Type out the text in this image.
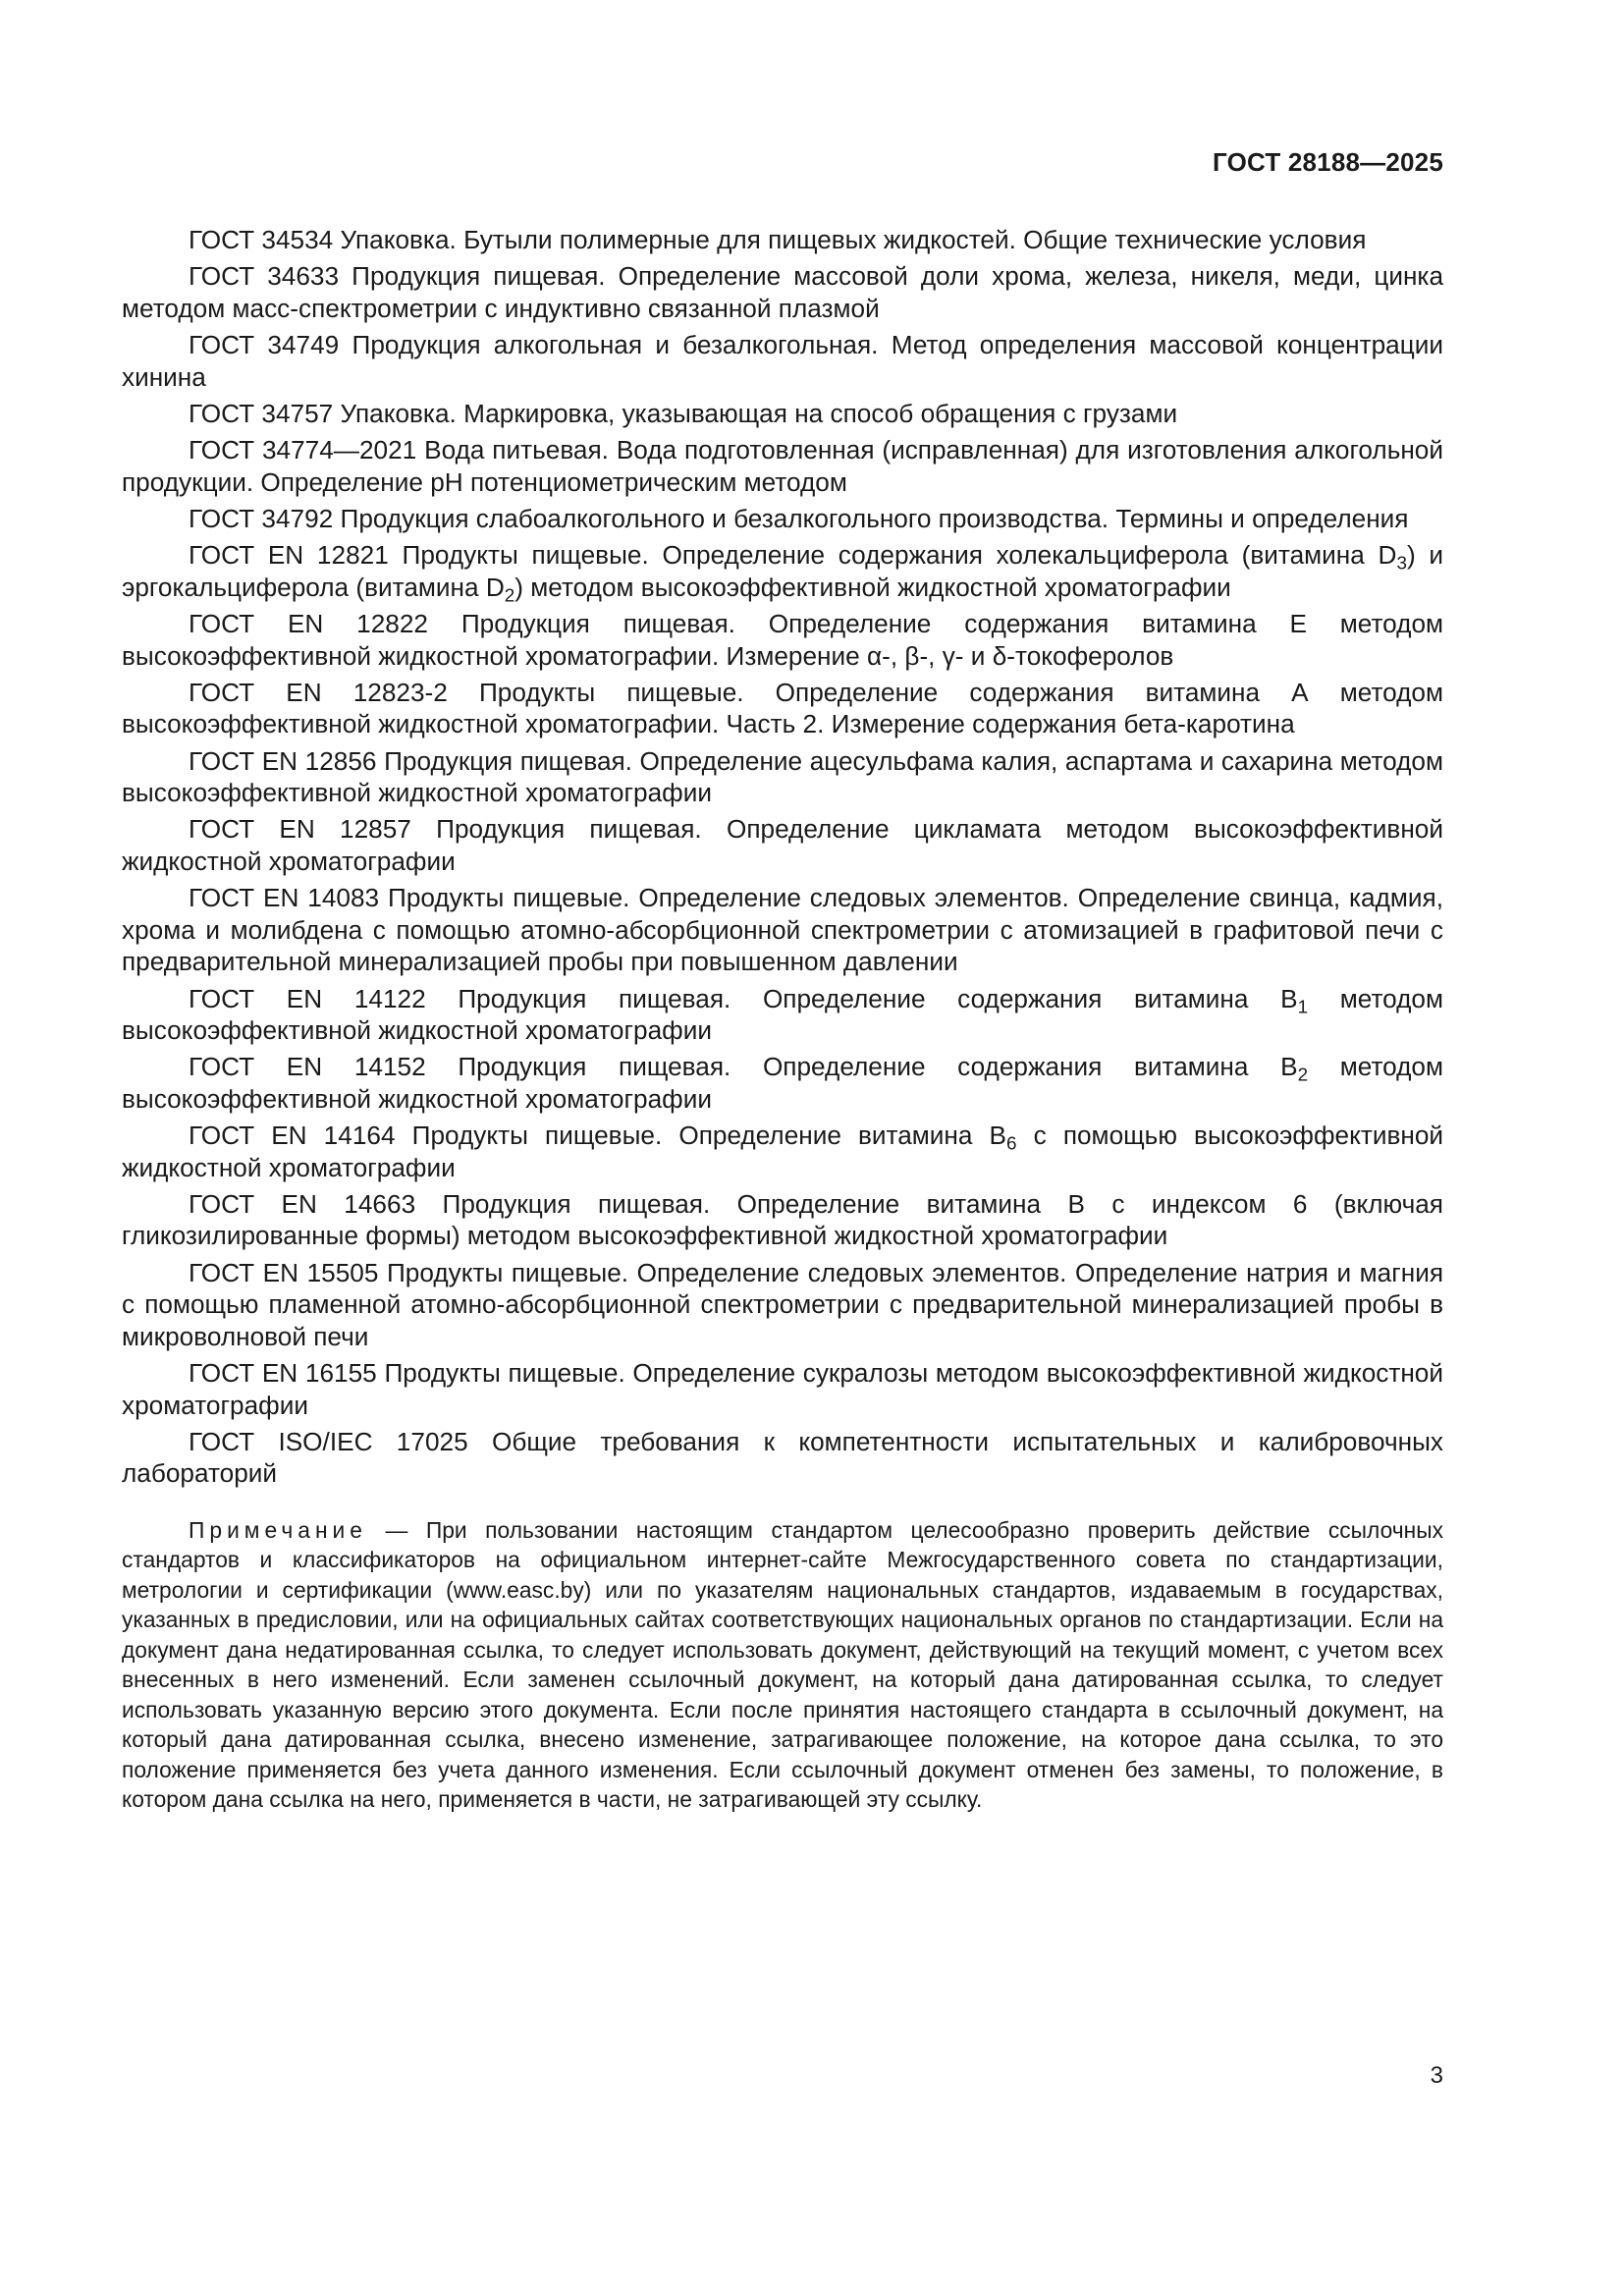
ГОСТ 28188—2025

ГОСТ 34534 Упаковка. Бутыли полимерные для пищевых жидкостей. Общие технические условия

ГОСТ 34633 Продукция пищевая. Определение массовой доли хрома, железа, никеля, меди, цинка методом масс-спектрометрии с индуктивно связанной плазмой

ГОСТ 34749 Продукция алкогольная и безалкогольная. Метод определения массовой концентрации хинина

ГОСТ 34757 Упаковка. Маркировка, указывающая на способ обращения с грузами

ГОСТ 34774—2021 Вода питьевая. Вода подготовленная (исправленная) для изготовления алкогольной продукции. Определение pH потенциометрическим методом

ГОСТ 34792 Продукция слабоалкогольного и безалкогольного производства. Термины и определения

ГОСТ EN 12821 Продукты пищевые. Определение содержания холекальциферола (витамина $D_3$) и эргокальциферола (витамина $D_2$) методом высокоэффективной жидкостной хроматографии

ГОСТ EN 12822 Продукция пищевая. Определение содержания витамина Е методом высокоэффективной жидкостной хроматографии. Измерение α-, β-, γ- и δ-токоферолов

ГОСТ EN 12823-2 Продукты пищевые. Определение содержания витамина А методом высокоэффективной жидкостной хроматографии. Часть 2. Измерение содержания бета-каротина

ГОСТ EN 12856 Продукция пищевая. Определение ацесульфама калия, аспартама и сахарина методом высокоэффективной жидкостной хроматографии

ГОСТ EN 12857 Продукция пищевая. Определение цикламата методом высокоэффективной жидкостной хроматографии

ГОСТ EN 14083 Продукты пищевые. Определение следовых элементов. Определение свинца, кадмия, хрома и молибдена с помощью атомно-абсорбционной спектрометрии с атомизацией в графитовой печи с предварительной минерализацией пробы при повышенном давлении

ГОСТ EN 14122 Продукция пищевая. Определение содержания витамина $В_1$ методом высокоэффективной жидкостной хроматографии

ГОСТ EN 14152 Продукция пищевая. Определение содержания витамина $В_2$ методом высокоэффективной жидкостной хроматографии

ГОСТ EN 14164 Продукты пищевые. Определение витамина $В_6$ с помощью высокоэффективной жидкостной хроматографии

ГОСТ EN 14663 Продукция пищевая. Определение витамина В с индексом 6 (включая гликозилированные формы) методом высокоэффективной жидкостной хроматографии

ГОСТ EN 15505 Продукты пищевые. Определение следовых элементов. Определение натрия и магния с помощью пламенной атомно-абсорбционной спектрометрии с предварительной минерализацией пробы в микроволновой печи

ГОСТ EN 16155 Продукты пищевые. Определение сукралозы методом высокоэффективной жидкостной хроматографии

ГОСТ ISO/IEC 17025 Общие требования к компетентности испытательных и калибровочных лабораторий

Примечание — При пользовании настоящим стандартом целесообразно проверить действие ссылочных стандартов и классификаторов на официальном интернет-сайте Межгосударственного совета по стандартизации, метрологии и сертификации (www.easc.by) или по указателям национальных стандартов, издаваемым в государствах, указанных в предисловии, или на официальных сайтах соответствующих национальных органов по стандартизации. Если на документ дана недатированная ссылка, то следует использовать документ, действующий на текущий момент, с учетом всех внесенных в него изменений. Если заменен ссылочный документ, на который дана датированная ссылка, то следует использовать указанную версию этого документа. Если после принятия настоящего стандарта в ссылочный документ, на который дана датированная ссылка, внесено изменение, затрагивающее положение, на которое дана ссылка, то это положение применяется без учета данного изменения. Если ссылочный документ отменен без замены, то положение, в котором дана ссылка на него, применяется в части, не затрагивающей эту ссылку.

3
